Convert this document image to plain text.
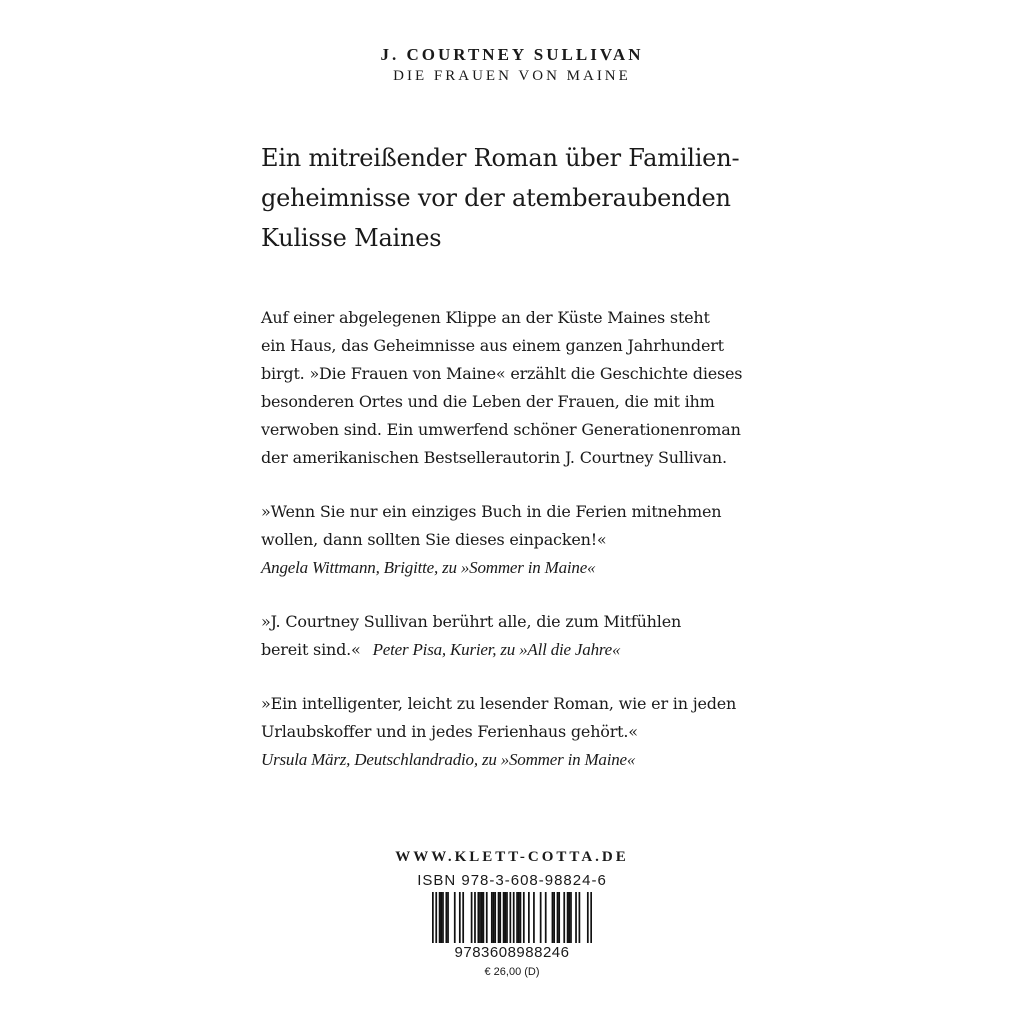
J. COURTNEY SULLIVAN
DIE FRAUEN VON MAINE
Ein mitreißender Roman über Familien-
geheimnisse vor der atemberaubenden
Kulisse Maines
Auf einer abgelegenen Klippe an der Küste Maines steht
ein Haus, das Geheimnisse aus einem ganzen Jahrhundert
birgt. »Die Frauen von Maine« erzählt die Geschichte dieses
besonderen Ortes und die Leben der Frauen, die mit ihm
verwoben sind. Ein umwerfend schöner Generationenroman
der amerikanischen Bestsellerautorin J. Courtney Sullivan.
»Wenn Sie nur ein einziges Buch in die Ferien mitnehmen
wollen, dann sollten Sie dieses einpacken!«
Angela Wittmann, Brigitte, zu »Sommer in Maine«
»J. Courtney Sullivan berührt alle, die zum Mitfühlen
bereit sind.« Peter Pisa, Kurier, zu »All die Jahre«
»Ein intelligenter, leicht zu lesender Roman, wie er in jeden
Urlaubskoffer und in jedes Ferienhaus gehört.«
Ursula März, Deutschlandradio, zu »Sommer in Maine«
WWW.KLETT-COTTA.DE
ISBN 978-3-608-98824-6
9783608988246
€ 26,00 (D)
